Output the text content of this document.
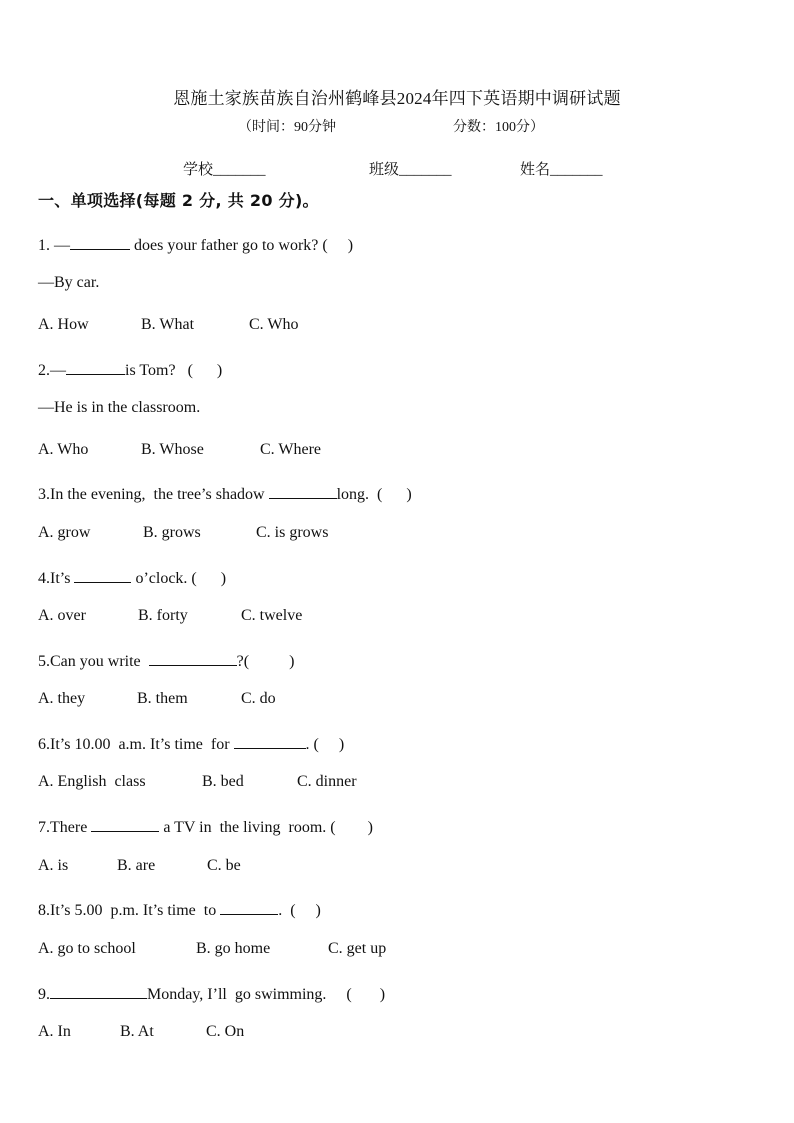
恩施土家族苗族自治州鹤峰县2024年四下英语期中调研试题
（时间：90分钟	分数：100分）
学校_______	班级_______	姓名_______
一、单项选择(每题 2 分, 共 20 分)。
1. —	does your father go to work? (     )
—By car.
A. How	B. What	C. Who
2.—	is Tom?   (      )
—He is in the classroom.
A. Who	B. Whose	C. Where
3.In the evening,  the tree’s shadow	long.  (      )
A. grow	B. grows	C. is grows
4.It’s	o’clock. (      )
A. over	B. forty	C. twelve
5.Can you write	?(          )
A. they	B. them	C. do
6.It’s 10.00  a.m. It’s time  for	. (     )
A. English  class	B. bed	C. dinner
7.There	a TV in  the living  room. (        )
A. is	B. are	C. be
8.It’s 5.00  p.m. It’s time  to	.  (     )
A. go to school	B. go home	C. get up
9.	Monday, I’ll  go swimming.     (       )
A. In	B. At	C. On
